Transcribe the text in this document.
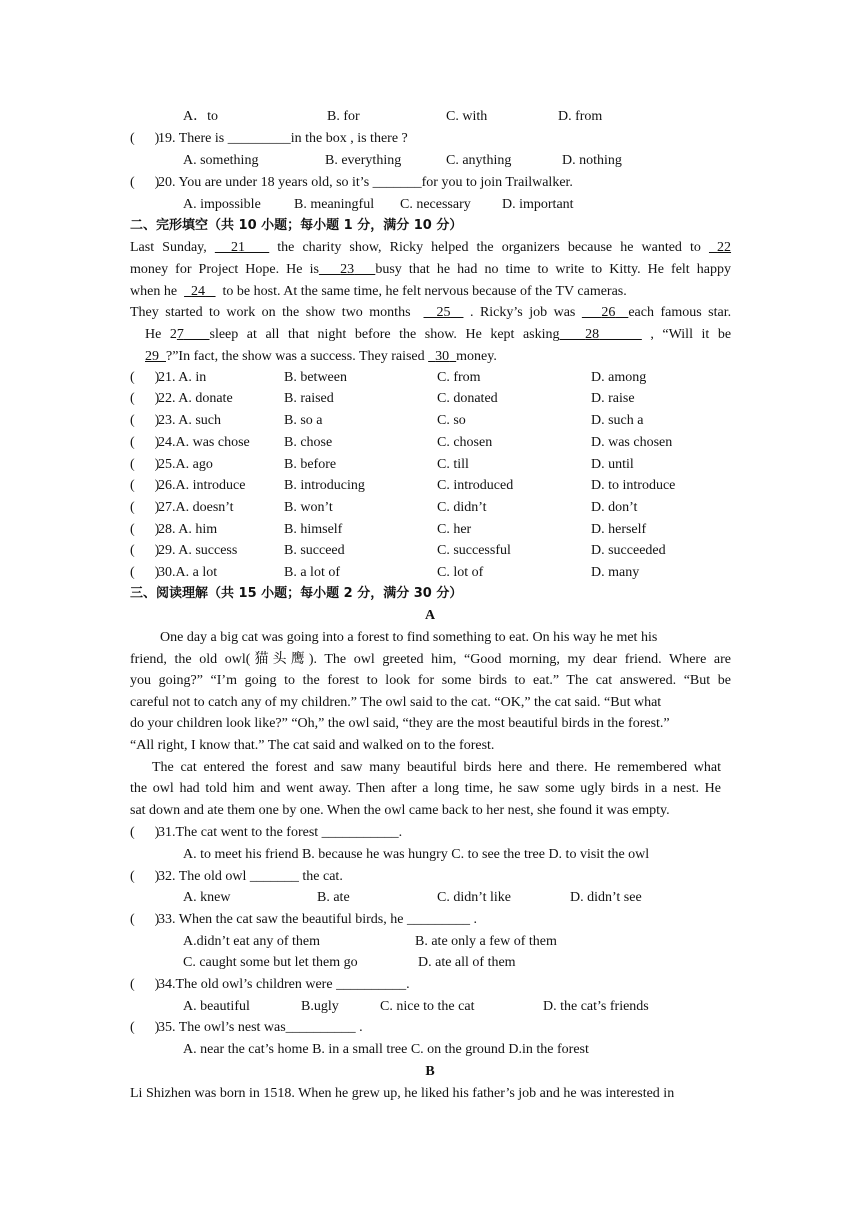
A．to	B. for	C. with	D. from
( )
19. There is _________in the box , is there ?
A. something	B. everything	C. anything	D. nothing
( )
20. You are under 18 years old, so it’s _______for you to join Trailwalker.
A. impossible B. meaningful C. necessary D. important
二、完形填空（共 10 小题；每小题 1 分，满分 10 分）
Last Sunday, 21 the charity show, Ricky helped the organizers because he wanted to 22
money for Project Hope. He is 23 busy that he had no time to write to Kitty. He felt happy
when he 24 to be host. At the same time, he felt nervous because of the TV cameras.
They started to work on the show two months 25 . Ricky’s job was 26 each famous star.
He 27 sleep at all that night before the show. He kept asking 28	, “Will it be
29 ?”In fact, the show was a success. They raised 30 money.
( )
21. A. in	B. between	C. from	D. among
( )
22. A. donate	B. raised	C. donated	D. raise
( )
23. A. such	B. so a	C. so	D. such a
( )
24.A. was chose B. chose	C. chosen	D. was chosen
( )
25.A. ago	B. before	C. till	D. until
( )
26.A. introduce	B. introducing	C. introduced	D. to introduce
( )
27.A. doesn’t	B. won’t	C. didn’t	D. don’t
( )
28. A. him	B. himself	C. her	D. herself
( )
29. A. success	B. succeed	C. successful	D. succeeded
( )
30.A. a lot	B. a lot of	C. lot of	D. many
三、阅读理解（共 15 小题；每小题 2 分，满分 30 分）
A
One day a big cat was going into a forest to find something to eat. On his way he met his
friend, the old owl(猫头鹰). The owl greeted him, “Good morning, my dear friend. Where are
you going?” “I’m going to the forest to look for some birds to eat.” The cat answered. “But be
careful not to catch any of my children.” The owl said to the cat. “OK,” the cat said. “But what
do your children look like?” “Oh,” the owl said, “they are the most beautiful birds in the forest.”
“All right, I know that.” The cat said and walked on to the forest.
The cat entered the forest and saw many beautiful birds here and there. He remembered what
the owl had told him and went away. Then after a long time, he saw some ugly birds in a nest. He
sat down and ate them one by one. When the owl came back to her nest, she found it was empty.
( )
31.The cat went to the forest ___________.
A. to meet his friend B. because he was hungry C. to see the tree D. to visit the owl
( )
32. The old owl _______ the cat.
A. knew	B. ate	C. didn’t like	D. didn’t see
( )
33. When the cat saw the beautiful birds, he _________ .
A.didn’t eat any of them	B. ate only a few of them
C. caught some but let them go	D. ate all of them
( )
34.The old owl’s children were __________.
A. beautiful	B.ugly	C. nice to the cat	D. the cat’s friends
( )
35. The owl’s nest was__________ .
A. near the cat’s home B. in a small tree C. on the ground D.in the forest
B
Li Shizhen was born in 1518. When he grew up, he liked his father’s job and he was interested in
